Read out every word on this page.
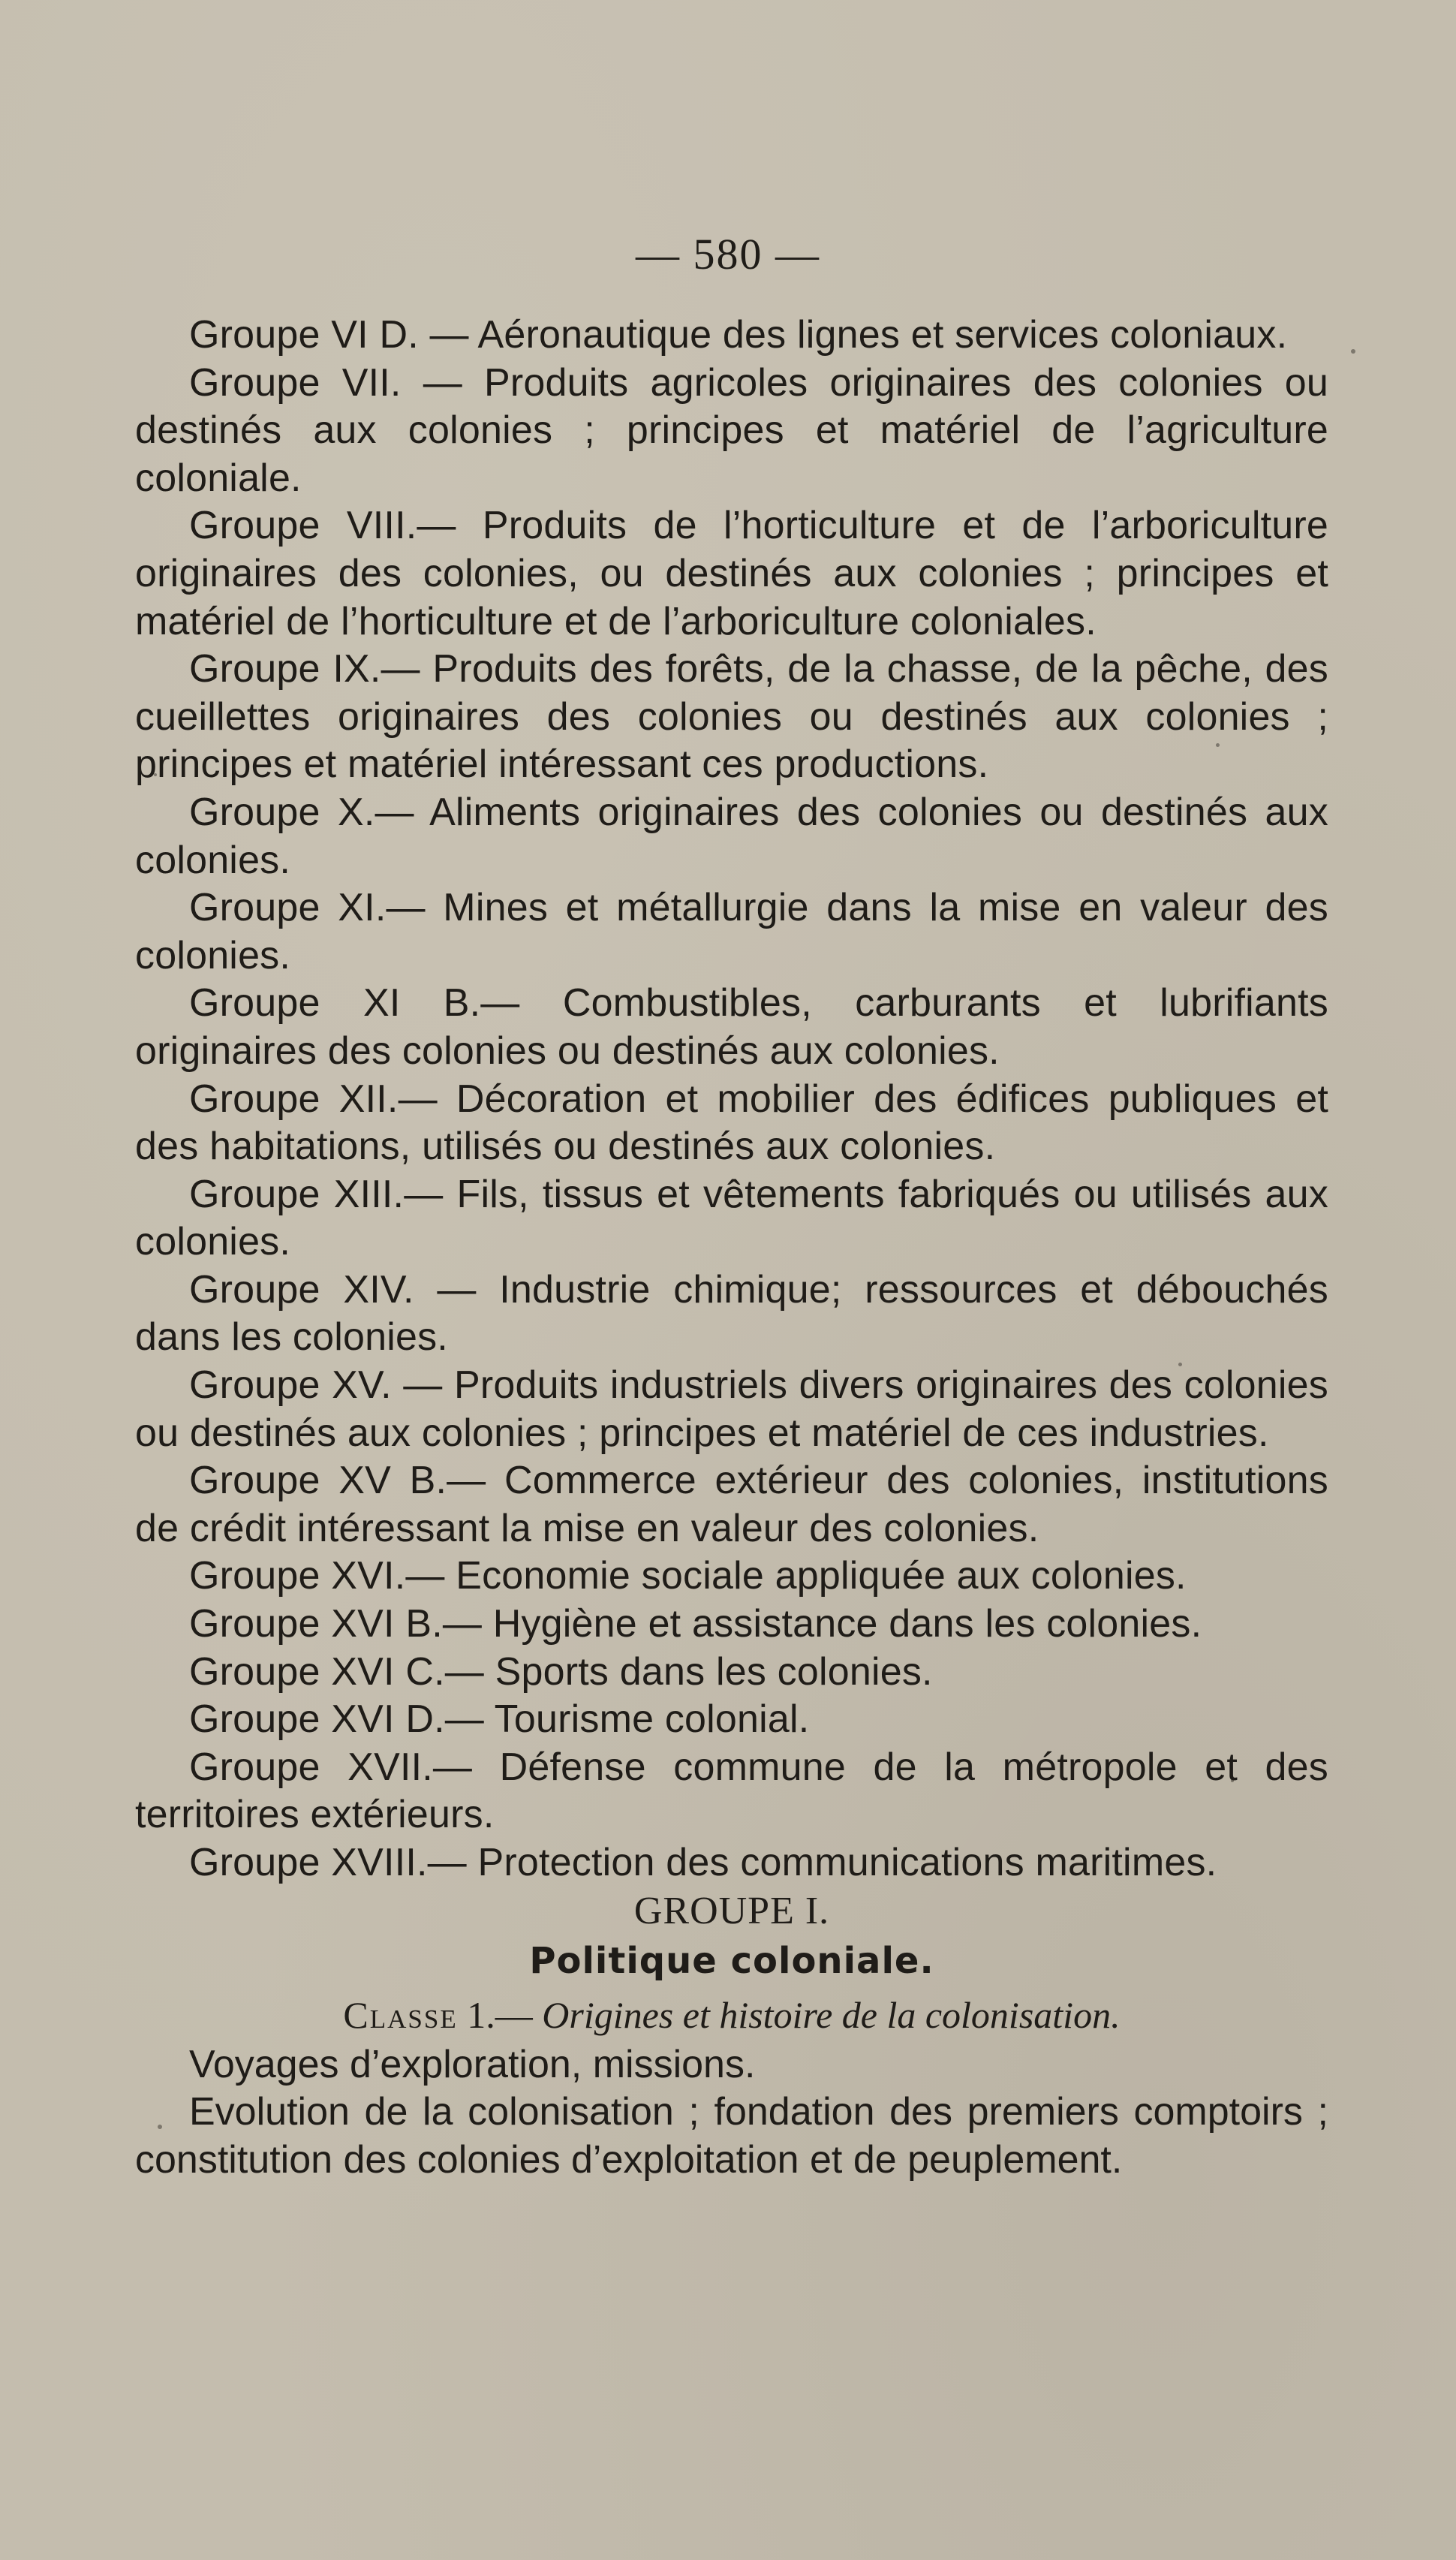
— 580 —

Groupe VI D. — Aéronautique des lignes et services coloniaux.

Groupe VII. — Produits agricoles originaires des colonies ou destinés aux colonies ; principes et matériel de l’agriculture coloniale.

Groupe VIII.— Produits de l’horticulture et de l’arboriculture originaires des colonies, ou destinés aux colonies ; principes et matériel de l’horticulture et de l’arboriculture coloniales.

Groupe IX.— Produits des forêts, de la chasse, de la pêche, des cueillettes originaires des colonies ou destinés aux colonies ; principes et matériel intéressant ces productions.

Groupe X.— Aliments originaires des colonies ou destinés aux colonies.

Groupe XI.— Mines et métallurgie dans la mise en valeur des colonies.

Groupe XI B.— Combustibles, carburants et lubrifiants originaires des colonies ou destinés aux colonies.

Groupe XII.— Décoration et mobilier des édifices publiques et des habitations, utilisés ou destinés aux colonies.

Groupe XIII.— Fils, tissus et vêtements fabriqués ou utilisés aux colonies.

Groupe XIV. — Industrie chimique; ressources et débouchés dans les colonies.

Groupe XV. — Produits industriels divers originaires des colonies ou destinés aux colonies ; principes et matériel de ces industries.

Groupe XV B.— Commerce extérieur des colonies, institutions de crédit intéressant la mise en valeur des colonies.

Groupe XVI.— Economie sociale appliquée aux colonies.

Groupe XVI B.— Hygiène et assistance dans les colonies.

Groupe XVI C.— Sports dans les colonies.

Groupe XVI D.— Tourisme colonial.

Groupe XVII.— Défense commune de la métropole et des territoires extérieurs.

Groupe XVIII.— Protection des communications maritimes.

GROUPE I.

Politique coloniale.

Classe 1.— Origines et histoire de la colonisation.

Voyages d’exploration, missions.

Evolution de la colonisation ; fondation des premiers comptoirs ; constitution des colonies d’exploitation et de peuplement.
